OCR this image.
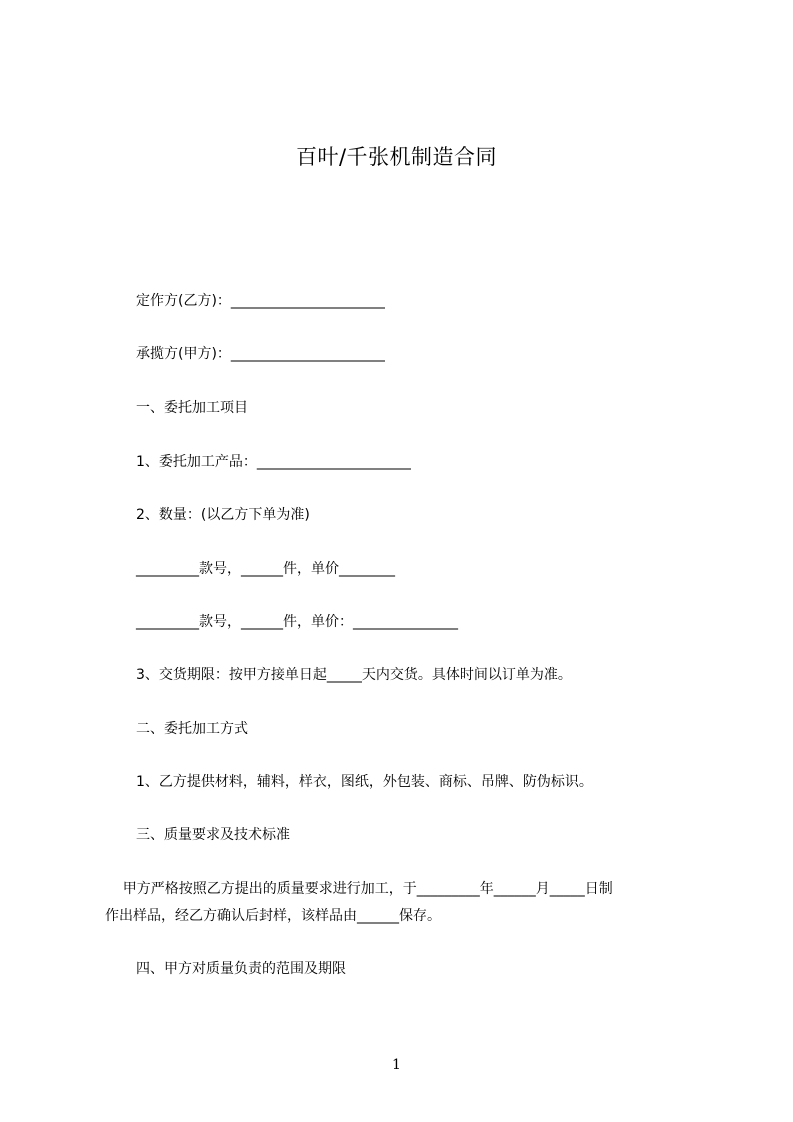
百叶/千张机制造合同
定作方(乙方)：______________________
承揽方(甲方)：______________________
一、委托加工项目
1、委托加工产品：______________________
2、数量：(以乙方下单为准)
_________款号，______件，单价________
_________款号，______件，单价：_______________
3、交货期限：按甲方接单日起_____天内交货。具体时间以订单为准。
二、委托加工方式
1、乙方提供材料，辅料，样衣，图纸，外包装、商标、吊牌、防伪标识。
三、质量要求及技术标准
甲方严格按照乙方提出的质量要求进行加工，于_________年______月_____日制
作出样品，经乙方确认后封样，该样品由______保存。
四、甲方对质量负责的范围及期限
1
